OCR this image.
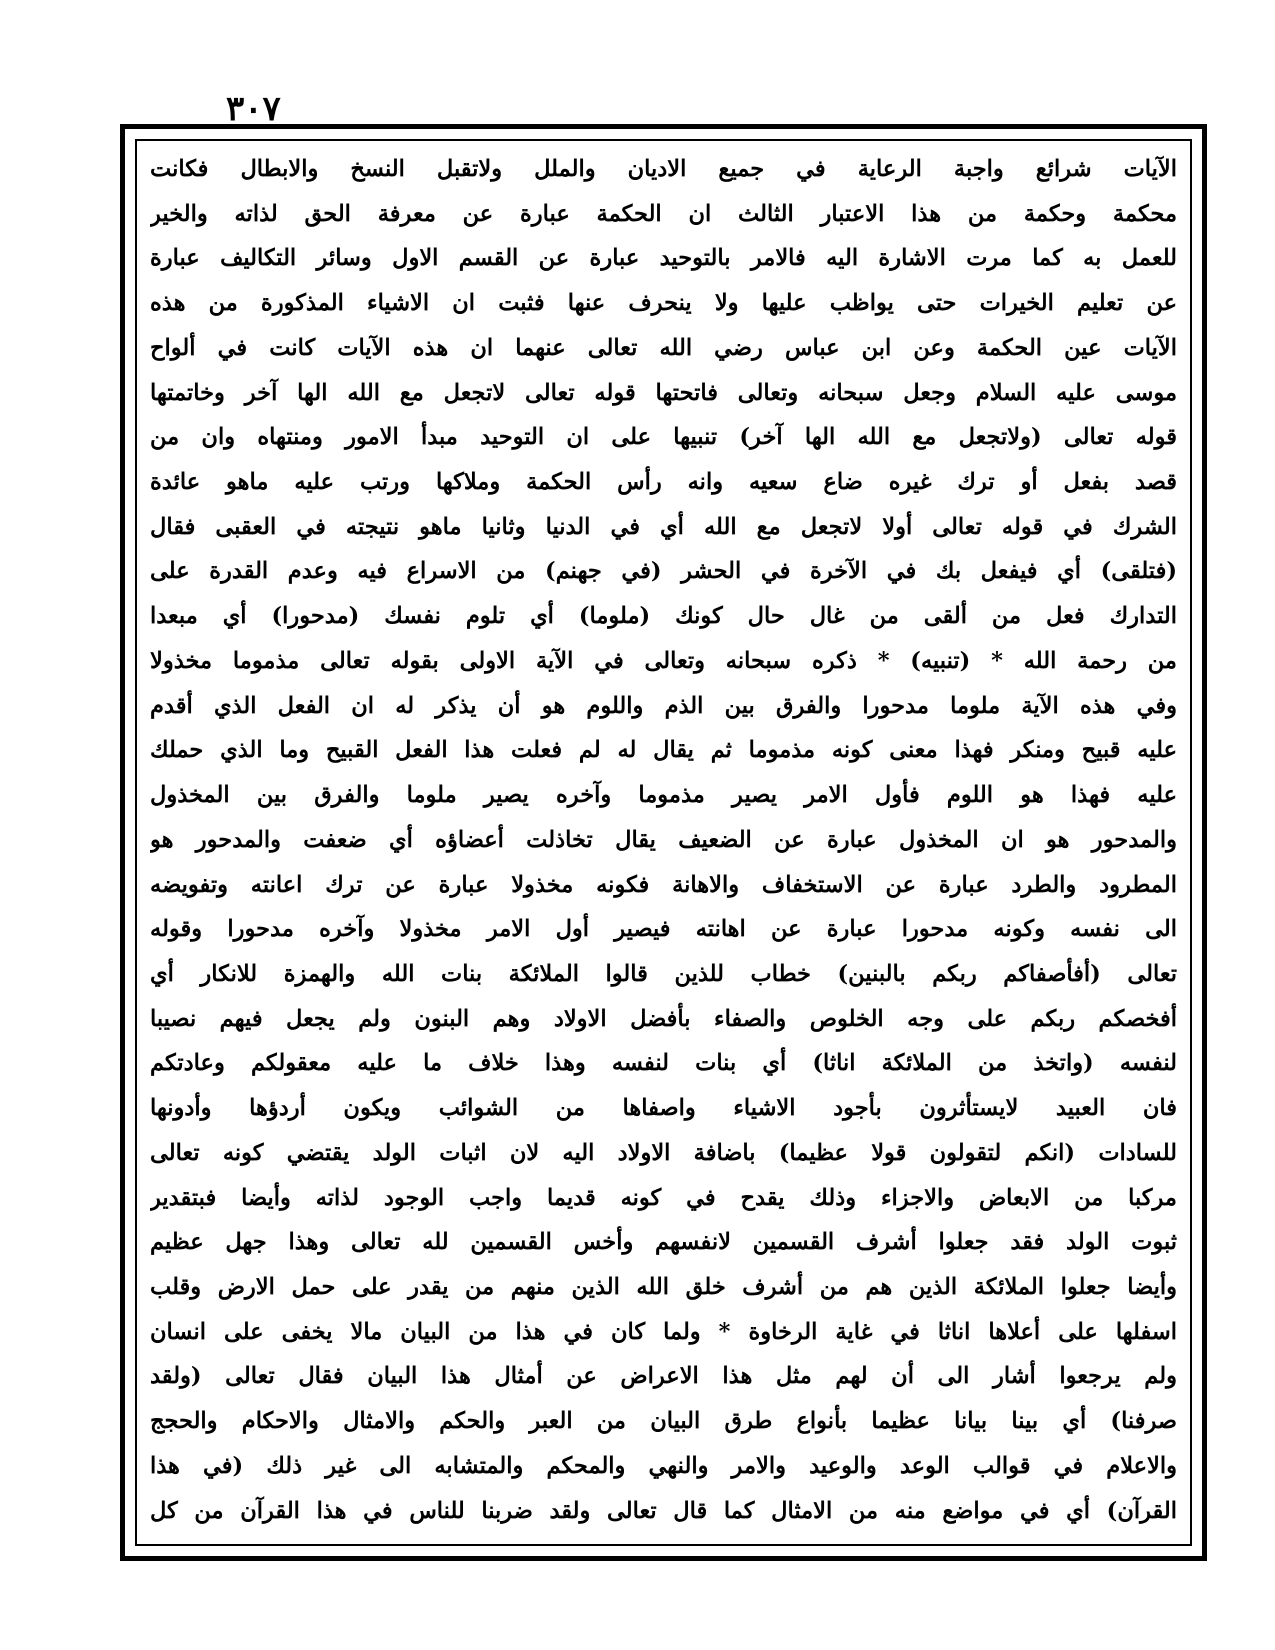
٣٠٧
الآيات شرائع واجبة الرعاية في جميع الاديان والملل ولاتقبل النسخ والابطال فكانت
محكمة وحكمة من هذا الاعتبار الثالث ان الحكمة عبارة عن معرفة الحق لذاته والخير
للعمل به كما مرت الاشارة اليه فالامر بالتوحيد عبارة عن القسم الاول وسائر التكاليف عبارة
عن تعليم الخيرات حتى يواظب عليها ولا ينحرف عنها فثبت ان الاشياء المذكورة من هذه
الآيات عين الحكمة وعن ابن عباس رضي الله تعالى عنهما ان هذه الآيات كانت في ألواح
موسى عليه السلام وجعل سبحانه وتعالى فاتحتها قوله تعالى لاتجعل مع الله الها آخر وخاتمتها
قوله تعالى (ولاتجعل مع الله الها آخر) تنبيها على ان التوحيد مبدأ الامور ومنتهاه وان من
قصد بفعل أو ترك غيره ضاع سعيه وانه رأس الحكمة وملاكها ورتب عليه ماهو عائدة
الشرك في قوله تعالى أولا لاتجعل مع الله أي في الدنيا وثانيا ماهو نتيجته في العقبى فقال
(فتلقى) أي فيفعل بك في الآخرة في الحشر (في جهنم) من الاسراع فيه وعدم القدرة على
التدارك فعل من ألقى من غال حال كونك (ملوما) أي تلوم نفسك (مدحورا) أي مبعدا
من رحمة الله * (تنبيه) * ذكره سبحانه وتعالى في الآية الاولى بقوله تعالى مذموما مخذولا
وفي هذه الآية ملوما مدحورا والفرق بين الذم واللوم هو أن يذكر له ان الفعل الذي أقدم
عليه قبيح ومنكر فهذا معنى كونه مذموما ثم يقال له لم فعلت هذا الفعل القبيح وما الذي حملك
عليه فهذا هو اللوم فأول الامر يصير مذموما وآخره يصير ملوما والفرق بين المخذول
والمدحور هو ان المخذول عبارة عن الضعيف يقال تخاذلت أعضاؤه أي ضعفت والمدحور هو
المطرود والطرد عبارة عن الاستخفاف والاهانة فكونه مخذولا عبارة عن ترك اعانته وتفويضه
الى نفسه وكونه مدحورا عبارة عن اهانته فيصير أول الامر مخذولا وآخره مدحورا وقوله
تعالى (أفأصفاكم ربكم بالبنين) خطاب للذين قالوا الملائكة بنات الله والهمزة للانكار أي
أفخصكم ربكم على وجه الخلوص والصفاء بأفضل الاولاد وهم البنون ولم يجعل فيهم نصيبا
لنفسه (واتخذ من الملائكة اناثا) أي بنات لنفسه وهذا خلاف ما عليه معقولكم وعادتكم
فان العبيد لايستأثرون بأجود الاشياء واصفاها من الشوائب ويكون أردؤها وأدونها
للسادات (انكم لتقولون قولا عظيما) باضافة الاولاد اليه لان اثبات الولد يقتضي كونه تعالى
مركبا من الابعاض والاجزاء وذلك يقدح في كونه قديما واجب الوجود لذاته وأيضا فبتقدير
ثبوت الولد فقد جعلوا أشرف القسمين لانفسهم وأخس القسمين لله تعالى وهذا جهل عظيم
وأيضا جعلوا الملائكة الذين هم من أشرف خلق الله الذين منهم من يقدر على حمل الارض وقلب
اسفلها على أعلاها اناثا في غاية الرخاوة * ولما كان في هذا من البيان مالا يخفى على انسان
ولم يرجعوا أشار الى أن لهم مثل هذا الاعراض عن أمثال هذا البيان فقال تعالى (ولقد
صرفنا) أي بينا بيانا عظيما بأنواع طرق البيان من العبر والحكم والامثال والاحكام والحجج
والاعلام في قوالب الوعد والوعيد والامر والنهي والمحكم والمتشابه الى غير ذلك (في هذا
القرآن) أي في مواضع منه من الامثال كما قال تعالى ولقد ضربنا للناس في هذا القرآن من كل
